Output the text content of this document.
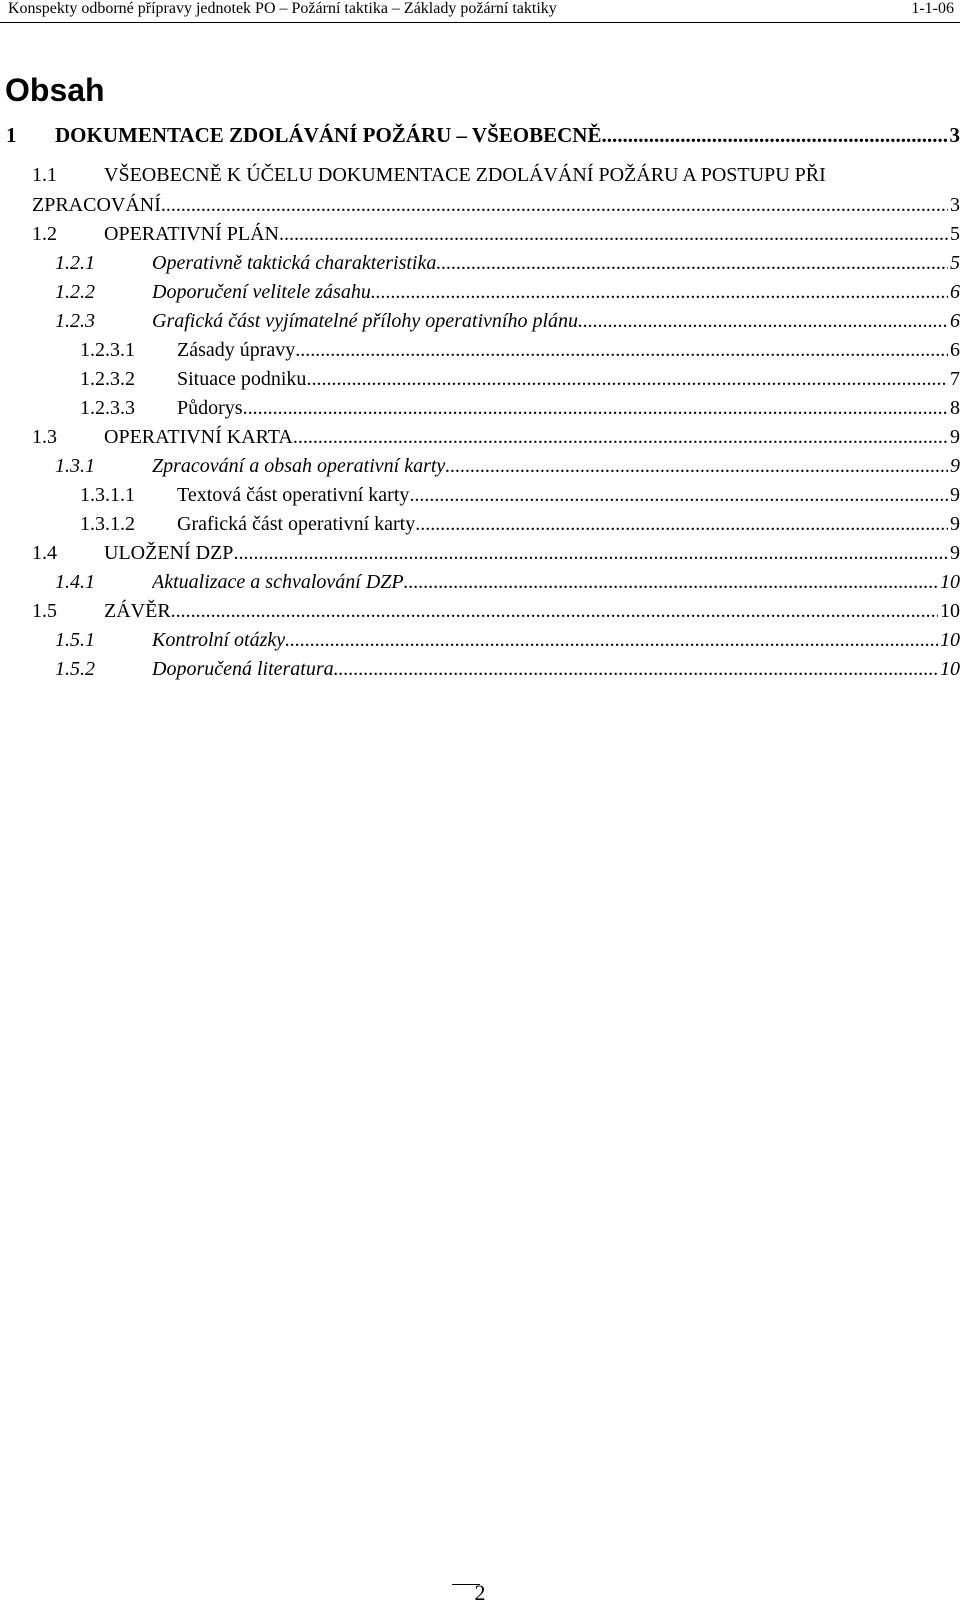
Konspekty odborné přípravy jednotek PO – Požární taktika – Základy požární taktiky	1-1-06
Obsah
1 DOKUMENTACE ZDOLÁVÁNÍ POŽÁRU – VŠEOBECNĚ .....	3
1.1 VŠEOBECNĚ K ÚČELU DOKUMENTACE ZDOLÁVÁNÍ POŽÁRU A POSTUPU PŘI
ZPRACOVÁNÍ .....	3
1.2 OPERATIVNÍ PLÁN .....	5
1.2.1	Operativně taktická charakteristika .....	5
1.2.2	Doporučení velitele zásahu .....	6
1.2.3	Grafická část vyjímatelné přílohy operativního plánu .....	6
1.2.3.1 Zásady úpravy .....	6
1.2.3.2 Situace podniku .....	7
1.2.3.3 Půdorys .....	8
1.3 OPERATIVNÍ KARTA .....	9
1.3.1	Zpracování a obsah operativní karty .....	9
1.3.1.1 Textová část operativní karty .....	9
1.3.1.2 Grafická část operativní karty .....	9
1.4 ULOŽENÍ DZP .....	9
1.4.1	Aktualizace a schvalování DZP .....	10
1.5 ZÁVĚR .....	10
1.5.1	Kontrolní otázky .....	10
1.5.2	Doporučená literatura .....	10
2
